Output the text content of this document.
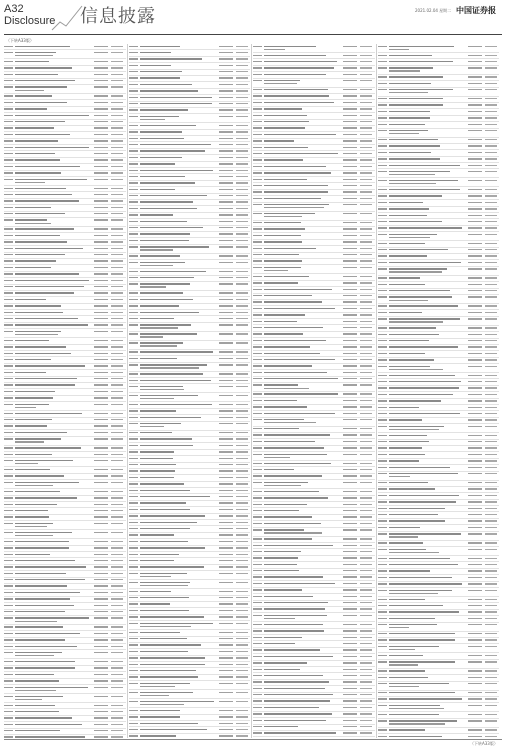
A32
Disclosure 信息披露	2021.02.04 星期二 中国证券报
（下转A33版）
（下转A33版）
